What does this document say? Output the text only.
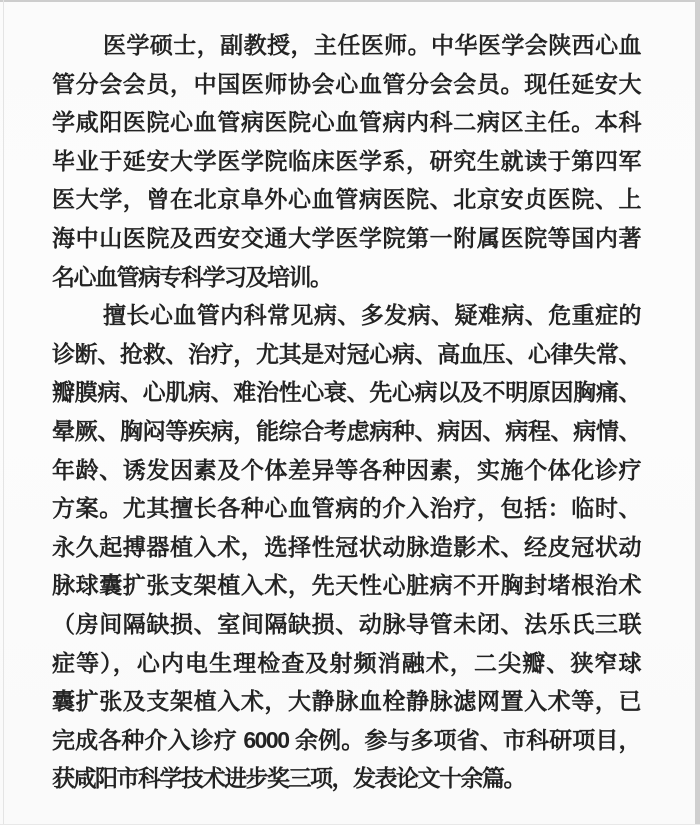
医学硕士，副教授，主任医师。中华医学会陕西心血
管分会会员，中国医师协会心血管分会会员。现任延安大
学咸阳医院心血管病医院心血管病内科二病区主任。本科
毕业于延安大学医学院临床医学系，研究生就读于第四军
医大学，曾在北京阜外心血管病医院、北京安贞医院、上
海中山医院及西安交通大学医学院第一附属医院等国内著
名心血管病专科学习及培训。
擅长心血管内科常见病、多发病、疑难病、危重症的
诊断、抢救、治疗，尤其是对冠心病、高血压、心律失常、
瓣膜病、心肌病、难治性心衰、先心病以及不明原因胸痛、
晕厥、胸闷等疾病，能综合考虑病种、病因、病程、病情、
年龄、诱发因素及个体差异等各种因素，实施个体化诊疗
方案。尤其擅长各种心血管病的介入治疗，包括：临时、
永久起搏器植入术，选择性冠状动脉造影术、经皮冠状动
脉球囊扩张支架植入术，先天性心脏病不开胸封堵根治术
（房间隔缺损、室间隔缺损、动脉导管未闭、法乐氏三联
症等），心内电生理检查及射频消融术，二尖瓣、狭窄球
囊扩张及支架植入术，大静脉血栓静脉滤网置入术等，已
完成各种介入诊疗 6000 余例。参与多项省、市科研项目，
获咸阳市科学技术进步奖三项，发表论文十余篇。
